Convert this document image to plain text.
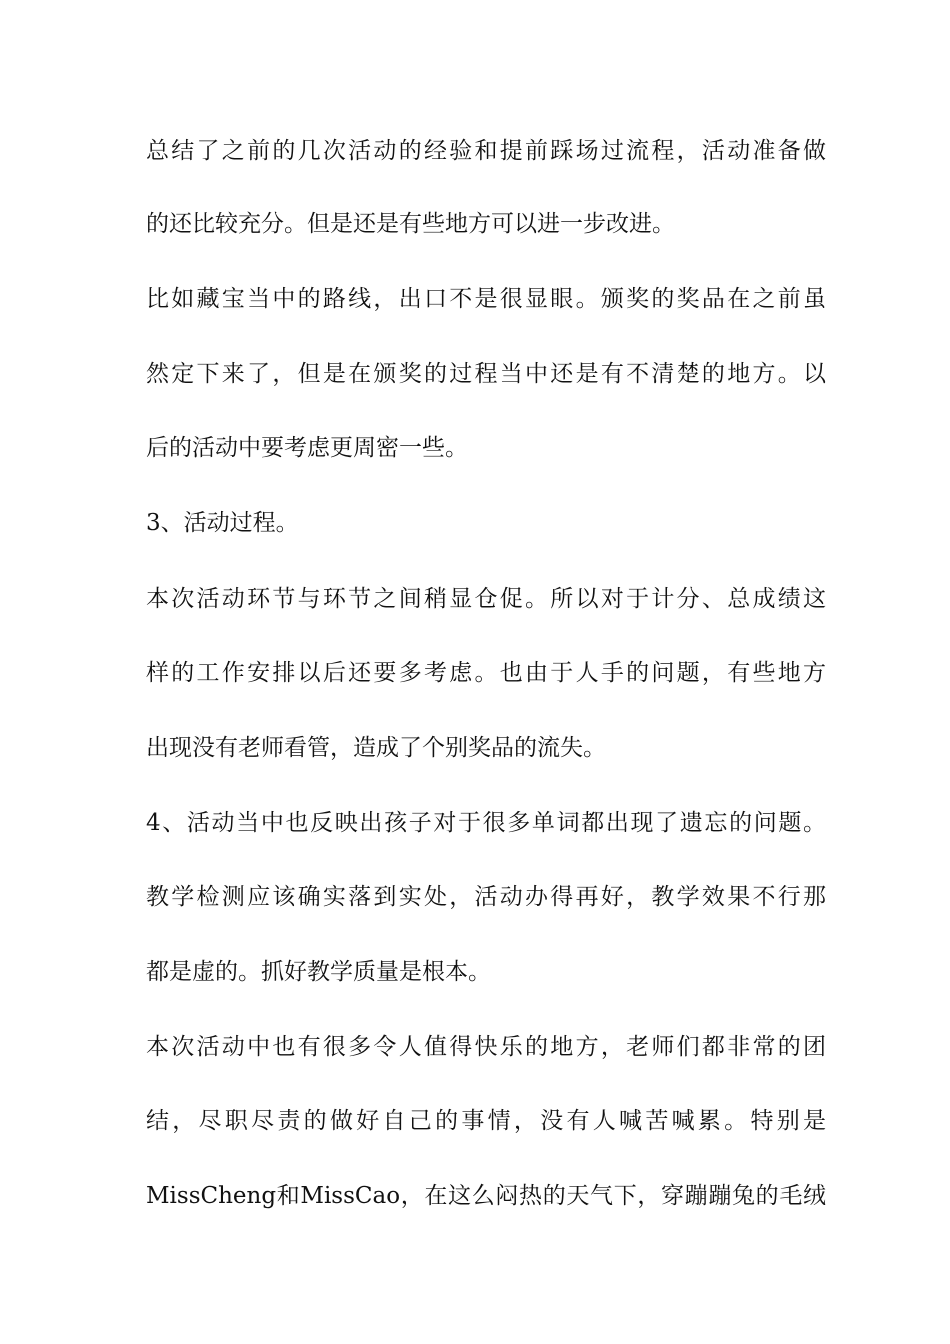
总结了之前的几次活动的经验和提前踩场过流程，活动准备做
的还比较充分。但是还是有些地方可以进一步改进。
比如藏宝当中的路线，出口不是很显眼。颁奖的奖品在之前虽
然定下来了，但是在颁奖的过程当中还是有不清楚的地方。以
后的活动中要考虑更周密一些。
3、活动过程。
本次活动环节与环节之间稍显仓促。所以对于计分、总成绩这
样的工作安排以后还要多考虑。也由于人手的问题，有些地方
出现没有老师看管，造成了个别奖品的流失。
4、活动当中也反映出孩子对于很多单词都出现了遗忘的问题。
教学检测应该确实落到实处，活动办得再好，教学效果不行那
都是虚的。抓好教学质量是根本。
本次活动中也有很多令人值得快乐的地方，老师们都非常的团
结，尽职尽责的做好自己的事情，没有人喊苦喊累。特别是
MissCheng和MissCao，在这么闷热的天气下，穿蹦蹦兔的毛绒
